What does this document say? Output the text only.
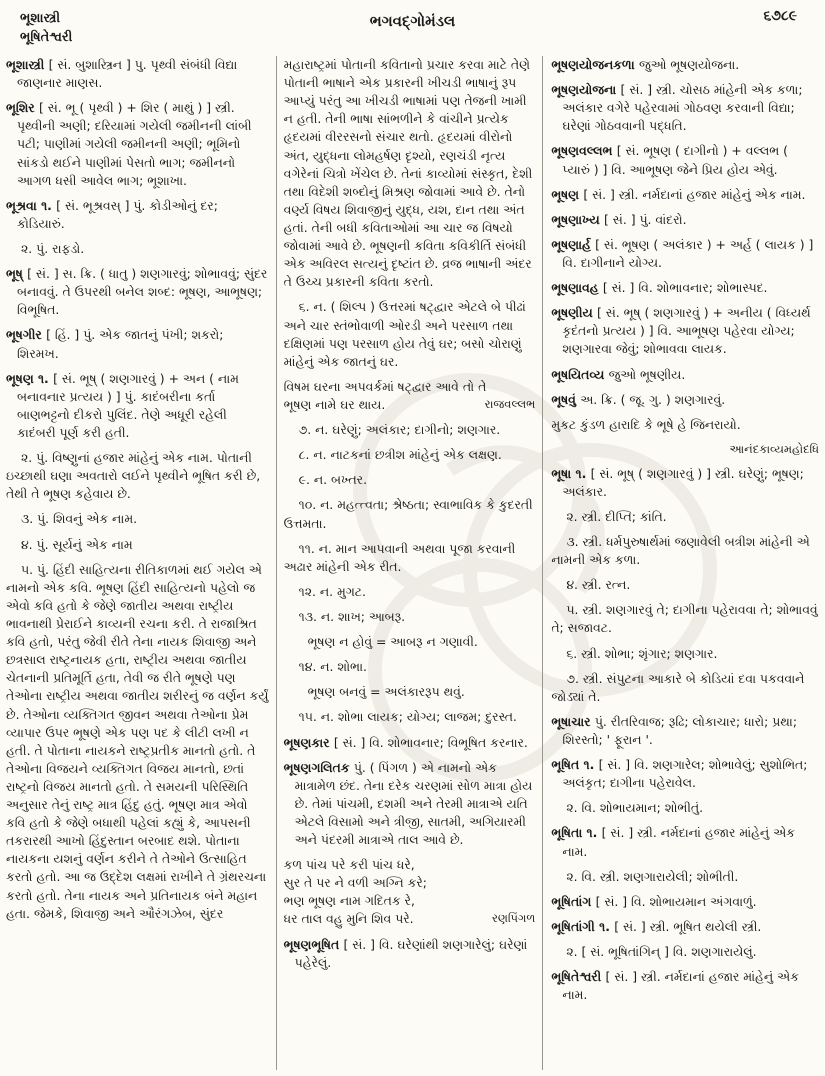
ભૂશાસ્ત્રી
ભૂષિતેશ્વરી
ભગવદ્ગોમંડલ	૬૭૮૯

ભૂશાસ્ત્રી [ સં. બુશાસ્ત્રિન ] પુ. પૃથ્વી સંબંધી વિદ્યા જાણનાર માણસ.

ભૂશિર [ સં. ભૂ ( પૃથ્વી ) + શિર ( માથું ) ] સ્ત્રી. પૃથ્વીની અણી; દરિયામાં ગયેલી જમીનની લાંબી પટી; પાણીમાં ગયેલી જમીનની અણી; ભૂમિનો સાંકડો થઈને પાણીમાં પેસતો ભાગ; જમીનનો આગળ ધસી આવેલ ભાગ; ભૂશાખા.

ભૂશ્રવા ૧. [ સં. ભૂશ્રવસ્ ] પું. કોડીઓનું દર; કોડિયારું.

૨. પું. રાફડો.

ભૂષ્ [ સં. ] સ. ક્રિ. ( ધાતુ ) શણગારવું; શોભાવવું; સુંદર બનાવવું. તે ઉપરથી બનેલ શબ્દ: ભૂષણ, આભૂષણ; વિભૂષિત.

ભૂષગીર [ હિં. ] પું. એક જાતનું પંખી; શકરો; શિરમખ.

ભૂષણ ૧. [ સં. ભૂષ્ ( શણગારવું ) + અન ( નામ બનાવનાર પ્રત્યય ) ] પું. કાદંબરીના કર્તા બાણભટ્ટનો દીકરો પુલિંદ. તેણે અધૂરી રહેલી કાદંબરી પૂર્ણ કરી હતી.

૨. પું. વિષ્ણુનાં હજાર માંહેનું એક નામ. પોતાની ઇચ્છાથી ઘણા અવતારો લઈને પૃથ્વીને ભૂષિત કરી છે, તેથી તે ભૂષણ કહેવાય છે.

૩. પું. શિવનું એક નામ.

૪. પું. સૂર્યનું એક નામ

૫. પું. હિંદી સાહિત્યના રીતિકાળમાં થઈ ગયેલ એ નામનો એક કવિ. ભૂષણ હિંદી સાહિત્યનો પહેલો જ એવો કવિ હતો કે જેણે જાતીય અથવા રાષ્ટ્રીય ભાવનાથી પ્રેરાઈને કાવ્યની રચના કરી. તે રાજાશ્રિત કવિ હતો, પરંતુ જેવી રીતે તેના નાયક શિવાજી અને છત્રસાલ રાષ્ટ્રનાયક હતા, રાષ્ટ્રીય અથવા જાતીય ચેતનાની પ્રતિમૂર્તિ હતા, તેવી જ રીતે ભૂષણે પણ તેઓના રાષ્ટ્રીય અથવા જાતીય શરીરનું જ વર્ણન કર્યું છે. તેઓના વ્યક્તિગત જીવન અથવા તેઓના પ્રેમ વ્યાપાર ઉપર ભૂષણે એક પણ પદ કે લીટી લખી ન હતી. તે પોતાના નાયકને રાષ્ટ્રપ્રતીક માનતો હતો. તે તેઓના વિજયને વ્યક્તિગત વિજય માનતો, છતાં રાષ્ટ્રનો વિજય માનતો હતો. તે સમયની પરિસ્થિતિ અનુસાર તેનું રાષ્ટ્ર માત્ર હિંદુ હતું. ભૂષણ માત્ર એવો કવિ હતો કે જેણે બધાથી પહેલાં કહ્યું કે, આપસની તકરારથી આખો હિંદુસ્તાન બરબાદ થશે. પોતાના નાયકના યશનું વર્ણન કરીને તે તેઓને ઉત્સાહિત કરતો હતો. આ જ ઉદ્દેશ લક્ષમાં રાખીને તે ગ્રંથરચના કરતો હતો. તેના નાયક અને પ્રતિનાયક બંને મહાન હતા. જેમકે, શિવાજી અને ઔરંગઝેબ, સુંદર

મહારાષ્ટ્રમાં પોતાની કવિતાનો પ્રચાર કરવા માટે તેણે પોતાની ભાષાને એક પ્રકારની ખીચડી ભાષાનું રૂપ આપ્યું પરંતુ આ ખીચડી ભાષામાં પણ તેજની ખામી ન હતી. તેની ભાષા સાંભળીને કે વાંચીને પ્રત્યેક હૃદયમાં વીરરસનો સંચાર થતો. હૃદયમાં વીરોનો અંત, યુદ્ધના લોમહર્ષણ દૃશ્યો, રણચંડી નૃત્ય વગેરેનાં ચિત્રો ખેંચેલ છે. તેનાં કાવ્યોમાં સંસ્કૃત, દેશી તથા વિદેશી શબ્દોનું મિશ્રણ જોવામાં આવે છે. તેનો વર્ણ્ય વિષય શિવાજીનું યુદ્ધ, યશ, દાન તથા અંત હતાં. તેની બધી કવિતાઓમાં આ ચાર જ વિષયો જોવામાં આવે છે. ભૂષણની કવિતા કવિકીર્તિ સંબંધી એક અવિરલ સત્યનું દૃષ્ટાંત છે. વ્રજ ભાષાની અંદર તે ઉચ્ચ પ્રકારની કવિતા કરતો.

૬. ન. ( શિલ્પ ) ઉત્તરમાં ષટ્દ્વાર એટલે બે પીઢાં અને ચાર સ્તંભોવાળી ઓરડી અને પરસાળ તથા દક્ષિણમાં પણ પરસાળ હોય તેવું ઘર; બસો ચોરાણું માંહેનું એક જાતનું ઘર.

વિષમ ઘરના અપવર્કમાં ષટ્દ્વાર આવે તો તે

ભૂષણ નામે ઘર થાય.	રાજવલ્લભ

૭. ન. ઘરેણું; અલંકાર; દાગીનો; શણગાર.

૮. ન. નાટકનાં છત્રીશ માંહેનું એક લક્ષણ.

૯. ન. બખ્તર.

૧૦. ન. મહત્ત્વતા; શ્રેષ્ઠતા; સ્વાભાવિક કે કુદરતી ઉત્તમતા.

૧૧. ન. માન આપવાની અથવા પૂજા કરવાની અઢાર માંહેની એક રીત.

૧૨. ન. મુગટ.

૧૩. ન. શાખ; આબરૂ.

ભૂષણ ન હોવું = આબરૂ ન ગણાવી.

૧૪. ન. શોભા.

ભૂષણ બનવું = અલંકારરૂપ થવું.

૧૫. ન. શોભા લાયક; યોગ્ય; લાજમ; દુરસ્ત.

ભૂષણકાર [ સં. ] વિ. શોભાવનાર; વિભૂષિત કરનાર.

ભૂષણગલિતક પું. ( પિંગળ ) એ નામનો એક માત્રામેળ છંદ. તેના દરેક ચરણમાં સોળ માત્રા હોય છે. તેમાં પાંચમી, દશમી અને તેરમી માત્રાએ યતિ એટલે વિસામો અને ત્રીજી, સાતમી, અગિયારમી અને પંદરમી માત્રાએ તાલ આવે છે.

કળ પાંચ પરે કરી પાંચ ધરે,

સુર તે પર ને વળી અગ્નિ કરે;

ભણ ભૂષણ નામ ગદિતક રે,

ધર તાલ વહુ મુનિ શિવ પરે.	રણપિંગળ

ભૂષણભૂષિત [ સં. ] વિ. ઘરેણાંથી શણગારેલું; ઘરેણાં પહેરેલું.

ભૂષણયોજનકળા જુઓ ભૂષણયોજના.

ભૂષણયોજના [ સં. ] સ્ત્રી. ચોસઠ માંહેની એક કળા; અલંકાર વગેરે પહેરવામાં ગોઠવણ કરવાની વિદ્યા; ઘરેણાં ગોઠવવાની પદ્ધતિ.

ભૂષણવલ્લભ [ સં. ભૂષણ ( દાગીનો ) + વલ્લભ ( પ્યારું ) ] વિ. આભૂષણ જેને પ્રિય હોય એવું.

ભૂષણ [ સં. ] સ્ત્રી. નર્મદાનાં હજાર માંહેનું એક નામ.

ભૂષણાખ્ય [ સં. ] પું. વાંદરો.

ભૂષણાર્હ [ સં. ભૂષણ ( અલંકાર ) + અર્હ ( લાયક ) ] વિ. દાગીનાને યોગ્ય.

ભૂષણાવહ [ સં. ] વિ. શોભાવનાર; શોભાસ્પદ.

ભૂષણીય [ સં. ભૂષ્ ( શણગારવું ) + અનીય ( વિધ્યર્થ કૃદંતનો પ્રત્યય ) ] વિ. આભૂષણ પહેરવા યોગ્ય; શણગારવા જેવું; શોભાવવા લાયક.

ભૂષયિતવ્ય જુઓ ભૂષણીય.

ભૂષવું અ. ક્રિ. ( જૂ. ગુ. ) શણગારવું.

મુકટ કુંડળ હારાદિ કે ભૂષે હે જિનરાયો.

આનંદકાવ્યમહોદધિ

ભૂષા ૧. [ સં. ભૂષ્ ( શણગારવું ) ] સ્ત્રી. ઘરેણું; ભૂષણ; અલંકાર.

૨. સ્ત્રી. દીપ્તિ; કાંતિ.

૩. સ્ત્રી. ધર્મપુરુષાર્થમાં જણાવેલી બત્રીશ માંહેની એ નામની એક કળા.

૪. સ્ત્રી. રત્ન.

૫. સ્ત્રી. શણગારવું તે; દાગીના પહેરાવવા તે; શોભાવવું તે; સજાવટ.

૬. સ્ત્રી. શોભા; શૃંગાર; શણગાર.

૭. સ્ત્રી. સંપુટના આકારે બે કોડિયાં દવા પકવવાને જોડ્યાં તે.

ભૂષાચાર પું. રીતરિવાજ; રૂઢિ; લોકાચાર; ધારો; પ્રથા; શિરસ્તો; ' ફૂરાન '.

ભૂષિત ૧. [ સં. ] વિ. શણગારેલ; શોભાવેલું; સુશોભિત; અલંકૃત; દાગીના પહેરાવેલ.

૨. વિ. શોભાયમાન; શોભીતું.

ભૂષિતા ૧. [ સં. ] સ્ત્રી. નર્મદાનાં હજાર માંહેનું એક નામ.

૨. વિ. સ્ત્રી. શણગારાયેલી; શોભીતી.

ભૂષિતાંગ [ સં. ] વિ. શોભાયમાન અંગવાળું.

ભૂષિતાંગી ૧. [ સં. ] સ્ત્રી. ભૂષિત થયેલી સ્ત્રી.

૨. [ સં. ભૂષિતાંગિન્ ] વિ. શણગારાયેલું.

ભૂષિતેશ્વરી [ સં. ] સ્ત્રી. નર્મદાનાં હજાર માંહેનું એક નામ.
